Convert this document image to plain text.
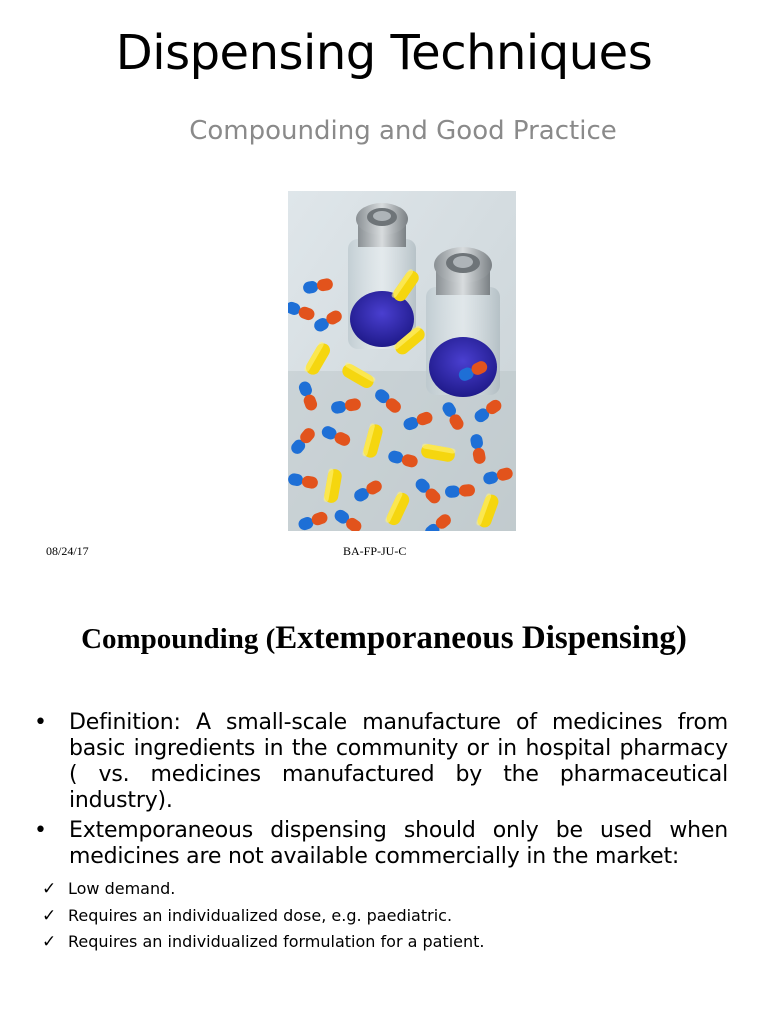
Dispensing Techniques
Compounding and Good Practice
08/24/17	BA-FP-JU-C
Compounding (Extemporaneous Dispensing)
• Definition: A small-scale manufacture of medicines from basic ingredients in the community or in hospital pharmacy ( vs. medicines manufactured by the pharmaceutical industry).
• Extemporaneous dispensing should only be used when medicines are not available commercially in the market:
✓ Low demand.
✓ Requires an individualized dose, e.g. paediatric.
✓ Requires an individualized formulation for a patient.
